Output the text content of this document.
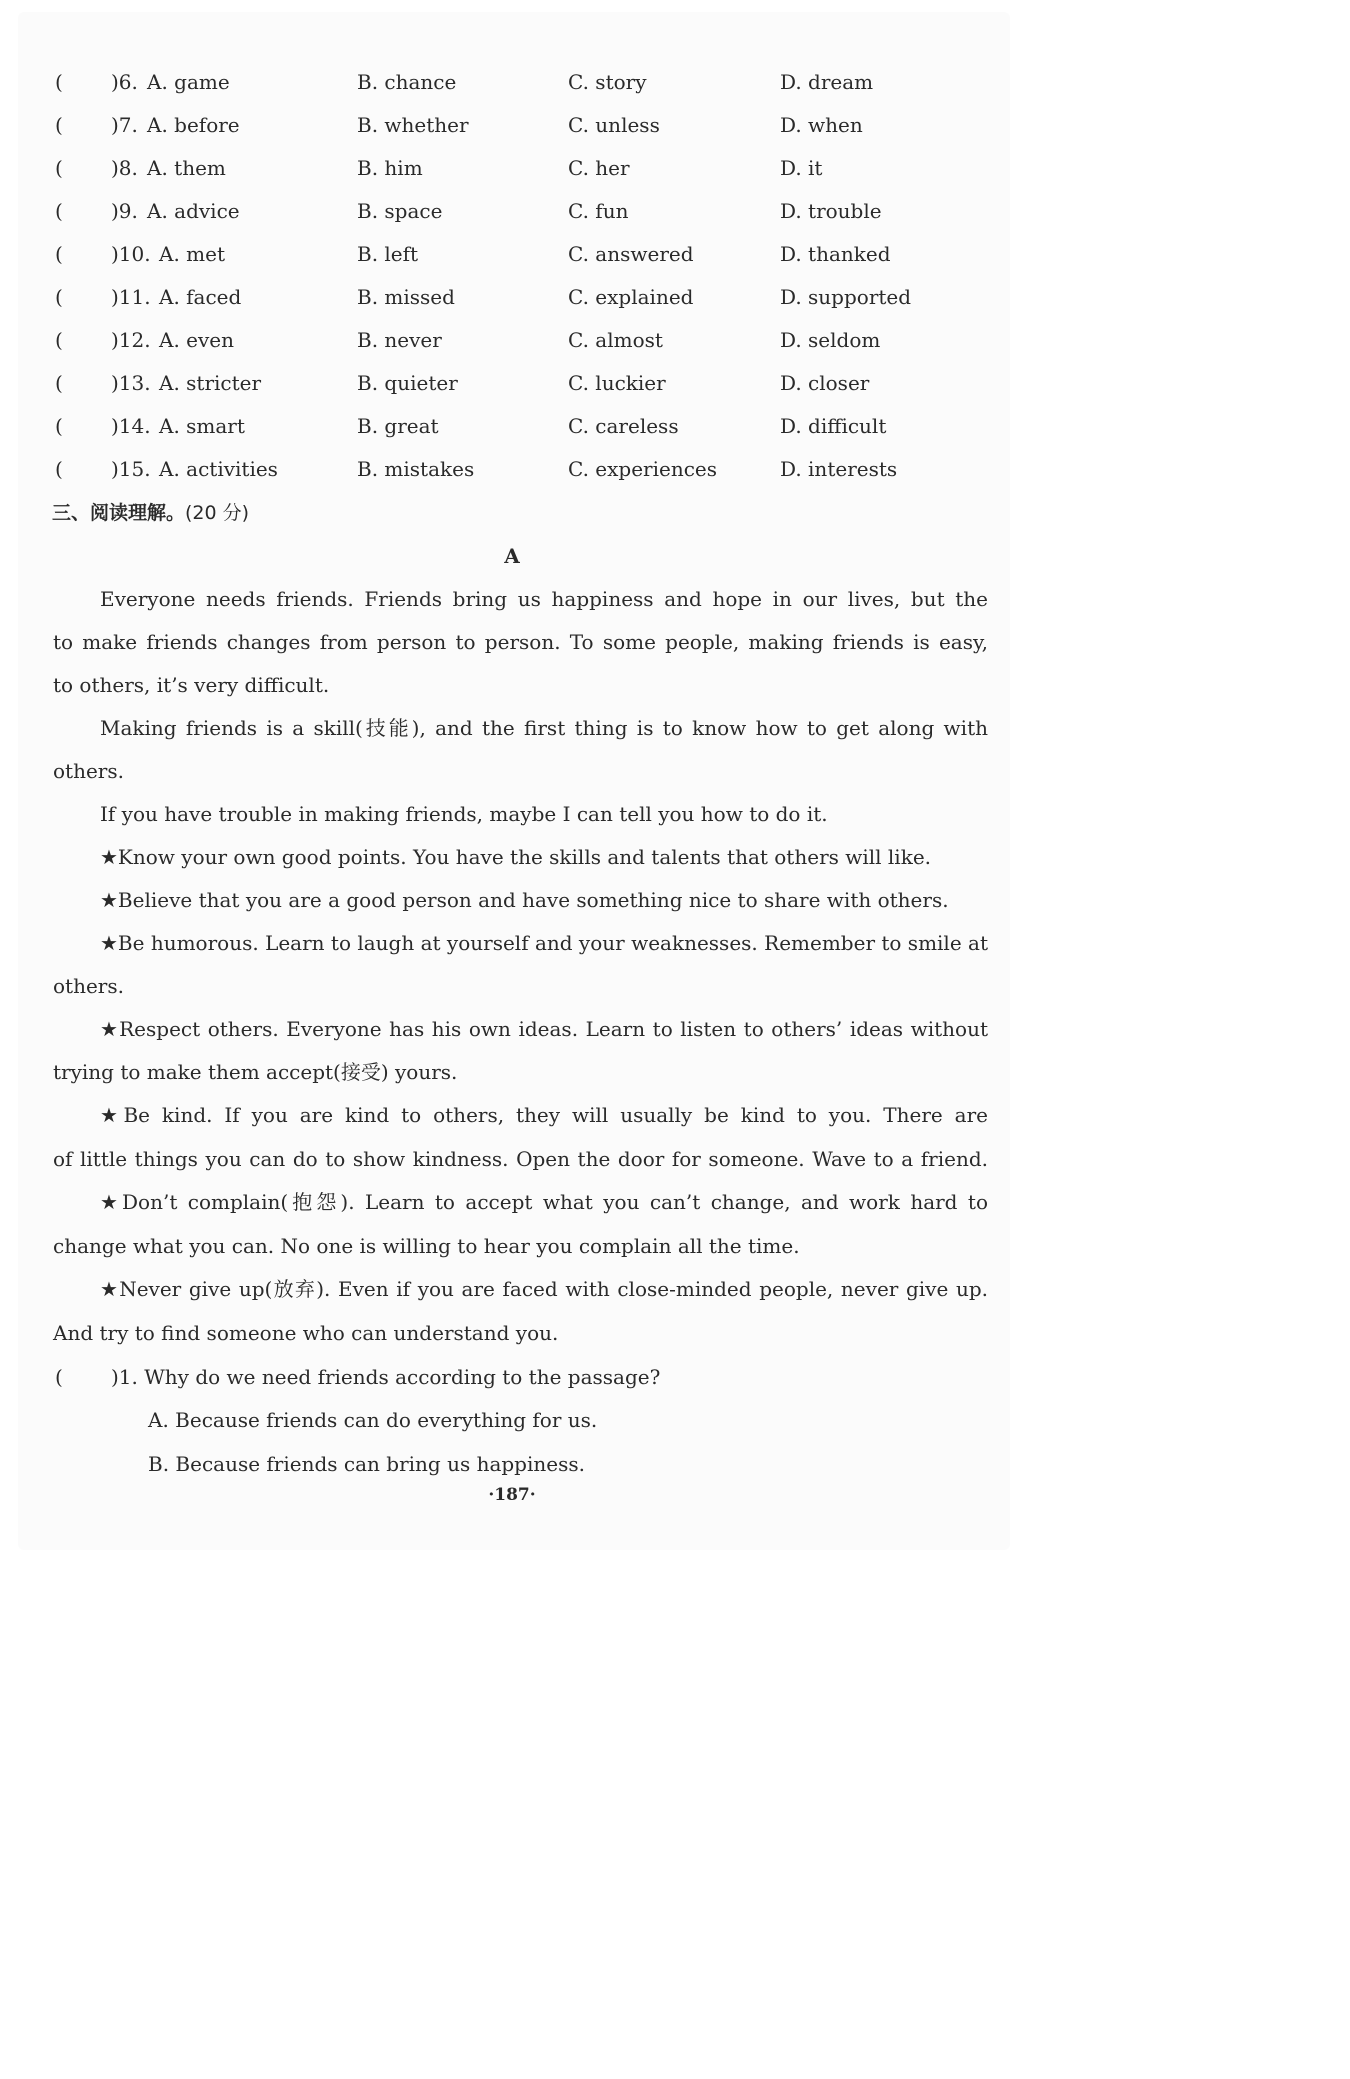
( )6. A. game	B. chance	C. story	D. dream
( )7. A. before	B. whether	C. unless	D. when
( )8. A. them	B. him	C. her	D. it
( )9. A. advice	B. space	C. fun	D. trouble
( )10. A. met	B. left	C. answered	D. thanked
( )11. A. faced	B. missed	C. explained	D. supported
( )12. A. even	B. never	C. almost	D. seldom
( )13. A. stricter	B. quieter	C. luckier	D. closer
( )14. A. smart	B. great	C. careless	D. difficult
( )15. A. activities	B. mistakes	C. experiences	D. interests
三、阅读理解。(20 分)
A
Everyone needs friends. Friends bring us happiness and hope in our lives, but the
to make friends changes from person to person. To some people, making friends is easy,
to others, it’s very difficult.
Making friends is a skill(技能), and the first thing is to know how to get along with
others.
If you have trouble in making friends, maybe I can tell you how to do it.
★Know your own good points. You have the skills and talents that others will like.
★Believe that you are a good person and have something nice to share with others.
★Be humorous. Learn to laugh at yourself and your weaknesses. Remember to smile at
others.
★Respect others. Everyone has his own ideas. Learn to listen to others’ ideas without
trying to make them accept(接受) yours.
★Be kind. If you are kind to others, they will usually be kind to you. There are
of little things you can do to show kindness. Open the door for someone. Wave to a friend.
★Don’t complain(抱怨). Learn to accept what you can’t change, and work hard to
change what you can. No one is willing to hear you complain all the time.
★Never give up(放弃). Even if you are faced with close-minded people, never give up.
And try to find someone who can understand you.
( )1. Why do we need friends according to the passage?
A. Because friends can do everything for us.
B. Because friends can bring us happiness.
·187·
